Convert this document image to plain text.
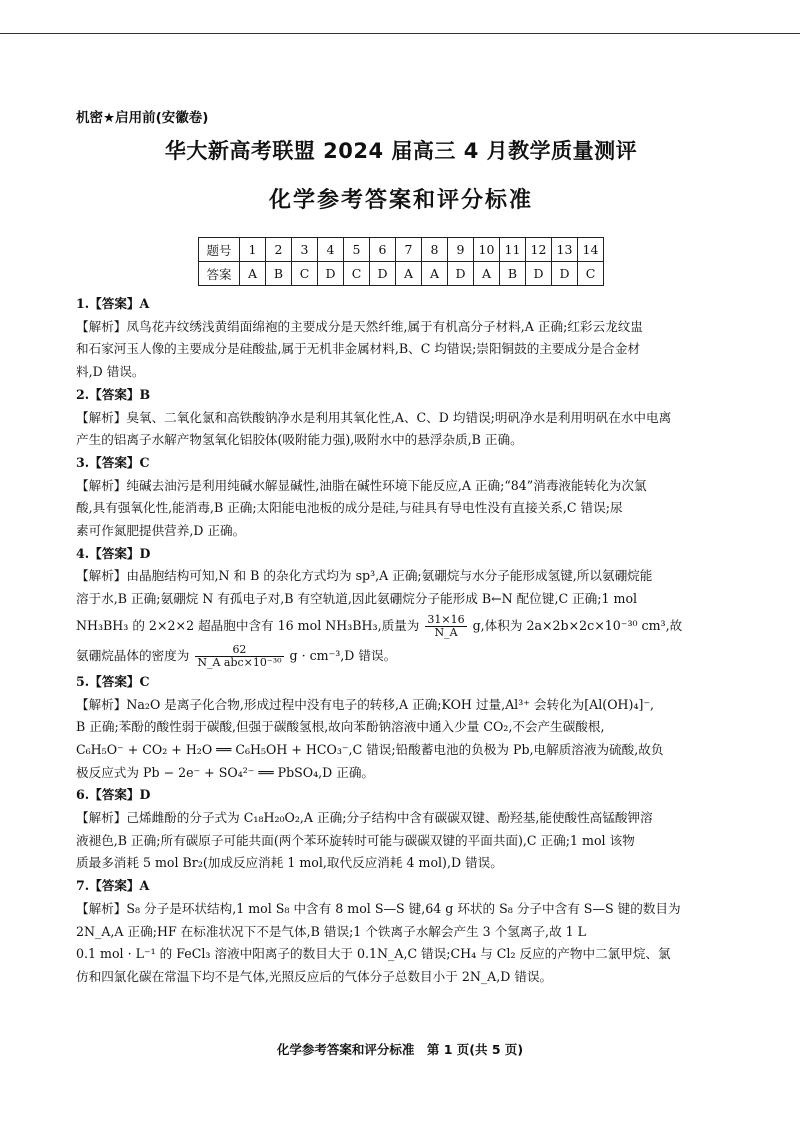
机密★启用前(安徽卷)

华大新高考联盟 2024 届高三 4 月教学质量测评

化学参考答案和评分标准

题号	1	2	3	4	5	6	7	8	9	10	11	12	13	14
答案	A	B	C	D	C	D	A	A	D	A	B	D	D	C

1.【答案】A

【解析】凤鸟花卉纹绣浅黄绢面绵袍的主要成分是天然纤维,属于有机高分子材料,A 正确;红彩云龙纹盅

和石家河玉人像的主要成分是硅酸盐,属于无机非金属材料,B、C 均错误;崇阳铜鼓的主要成分是合金材

料,D 错误。

2.【答案】B

【解析】臭氧、二氧化氯和高铁酸钠净水是利用其氧化性,A、C、D 均错误;明矾净水是利用明矾在水中电离

产生的铝离子水解产物氢氧化铝胶体(吸附能力强),吸附水中的悬浮杂质,B 正确。

3.【答案】C

【解析】纯碱去油污是利用纯碱水解显碱性,油脂在碱性环境下能反应,A 正确;“84”消毒液能转化为次氯

酸,具有强氧化性,能消毒,B 正确;太阳能电池板的成分是硅,与硅具有导电性没有直接关系,C 错误;尿

素可作氮肥提供营养,D 正确。

4.【答案】D

【解析】由晶胞结构可知,N 和 B 的杂化方式均为 sp³,A 正确;氨硼烷与水分子能形成氢键,所以氨硼烷能

溶于水,B 正确;氨硼烷 N 有孤电子对,B 有空轨道,因此氨硼烷分子能形成 B←N 配位键,C 正确;1 mol

NH₃BH₃ 的 2×2×2 超晶胞中含有 16 mol NH₃BH₃,质量为 $\frac{31\times 16}{N\_A} g$,体积为 2a×2b×2c×10⁻³⁰ cm³,故

氨硼烷晶体的密度为 $\frac{62}{\text{N\_A abc×10⁻³⁰}}$ g · cm⁻³,D 错误。

5.【答案】C

【解析】Na₂O 是离子化合物,形成过程中没有电子的转移,A 正确;KOH 过量,Al³⁺ 会转化为[Al(OH)₄]⁻,

B 正确;苯酚的酸性弱于碳酸,但强于碳酸氢根,故向苯酚钠溶液中通入少量 CO₂,不会产生碳酸根,

C₆H₅O⁻ + CO₂ + H₂O ══ C₆H₅OH + HCO₃⁻,C 错误;铅酸蓄电池的负极为 Pb,电解质溶液为硫酸,故负

极反应式为 Pb − 2e⁻ + SO₄²⁻ ══ PbSO₄,D 正确。

6.【答案】D

【解析】己烯雌酚的分子式为 C₁₈H₂₀O₂,A 正确;分子结构中含有碳碳双键、酚羟基,能使酸性高锰酸钾溶

液褪色,B 正确;所有碳原子可能共面(两个苯环旋转时可能与碳碳双键的平面共面),C 正确;1 mol 该物

质最多消耗 5 mol Br₂(加成反应消耗 1 mol,取代反应消耗 4 mol),D 错误。

7.【答案】A

【解析】S₈ 分子是环状结构,1 mol S₈ 中含有 8 mol S—S 键,64 g 环状的 S₈ 分子中含有 S—S 键的数目为

2N_A,A 正确;HF 在标准状况下不是气体,B 错误;1 个铁离子水解会产生 3 个氢离子,故 1 L

0.1 mol · L⁻¹ 的 FeCl₃ 溶液中阳离子的数目大于 0.1N_A,C 错误;CH₄ 与 Cl₂ 反应的产物中二氯甲烷、氯

仿和四氯化碳在常温下均不是气体,光照反应后的气体分子总数目小于 2N_A,D 错误。

化学参考答案和评分标准　第 1 页(共 5 页)
